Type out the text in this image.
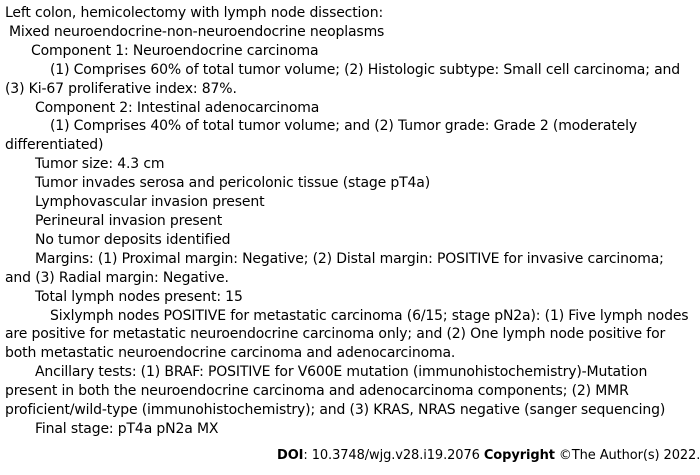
Left colon, hemicolectomy with lymph node dissection:
Mixed neuroendocrine-non-neuroendocrine neoplasms
Component 1: Neuroendocrine carcinoma
(1) Comprises 60% of total tumor volume; (2) Histologic subtype: Small cell carcinoma; and (3) Ki-67 proliferative index: 87%.
Component 2: Intestinal adenocarcinoma
(1) Comprises 40% of total tumor volume; and (2) Tumor grade: Grade 2 (moderately differentiated)
Tumor size: 4.3 cm
Tumor invades serosa and pericolonic tissue (stage pT4a)
Lymphovascular invasion present
Perineural invasion present
No tumor deposits identified
Margins: (1) Proximal margin: Negative; (2) Distal margin: POSITIVE for invasive carcinoma; and (3) Radial margin: Negative.
Total lymph nodes present: 15
Sixlymph nodes POSITIVE for metastatic carcinoma (6/15; stage pN2a): (1) Five lymph nodes are positive for metastatic neuroendocrine carcinoma only; and (2) One lymph node positive for both metastatic neuroendocrine carcinoma and adenocarcinoma.
Ancillary tests: (1) BRAF: POSITIVE for V600E mutation (immunohistochemistry)-Mutation present in both the neuroendocrine carcinoma and adenocarcinoma components; (2) MMR proficient/wild-type (immunohistochemistry); and (3) KRAS, NRAS negative (sanger sequencing)
Final stage: pT4a pN2a MX
DOI: 10.3748/wjg.v28.i19.2076 Copyright ©The Author(s) 2022.
